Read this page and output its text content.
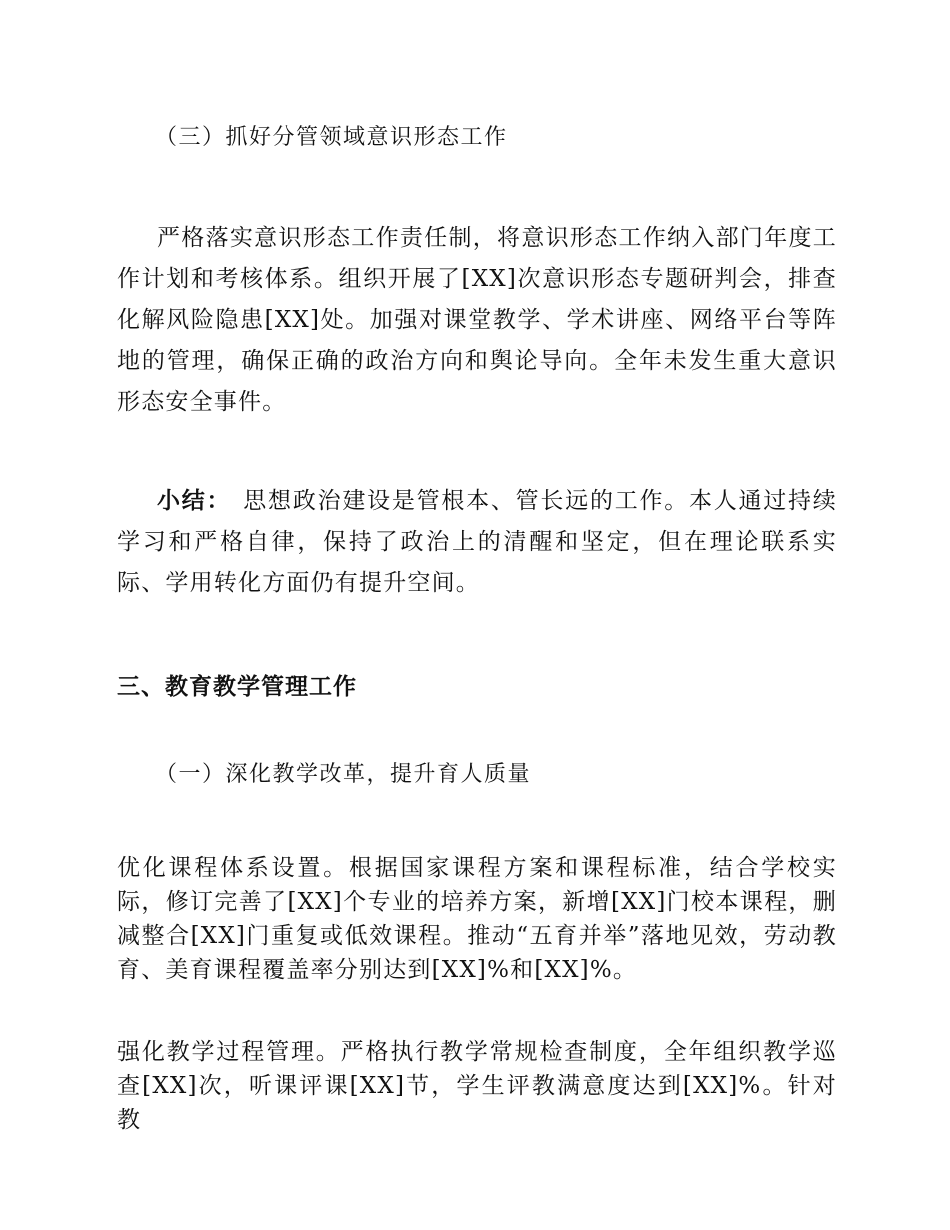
（三）抓好分管领域意识形态工作

严格落实意识形态工作责任制，将意识形态工作纳入部门年度工作计划和考核体系。组织开展了[XX]次意识形态专题研判会，排查化解风险隐患[XX]处。加强对课堂教学、学术讲座、网络平台等阵地的管理，确保正确的政治方向和舆论导向。全年未发生重大意识形态安全事件。

小结： 思想政治建设是管根本、管长远的工作。本人通过持续学习和严格自律，保持了政治上的清醒和坚定，但在理论联系实际、学用转化方面仍有提升空间。

三、教育教学管理工作
（一）深化教学改革，提升育人质量

优化课程体系设置。根据国家课程方案和课程标准，结合学校实际，修订完善了[XX]个专业的培养方案，新增[XX]门校本课程，删减整合[XX]门重复或低效课程。推动“五育并举”落地见效，劳动教育、美育课程覆盖率分别达到[XX]%和[XX]%。

强化教学过程管理。严格执行教学常规检查制度，全年组织教学巡查[XX]次，听课评课[XX]节，学生评教满意度达到[XX]%。针对教
